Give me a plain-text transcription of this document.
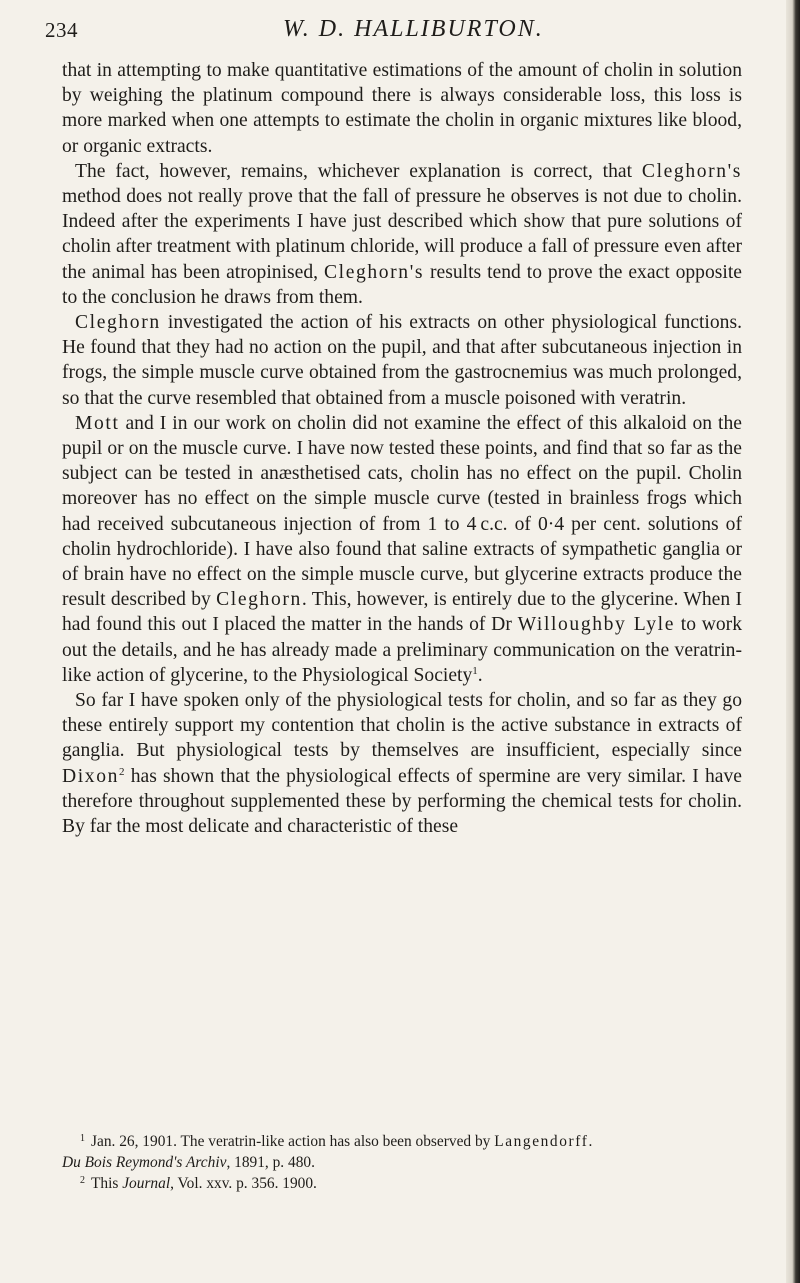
234	W. D. HALLIBURTON.

that in attempting to make quantitative estimations of the amount of cholin in solution by weighing the platinum compound there is always considerable loss, this loss is more marked when one attempts to estimate the cholin in organic mixtures like blood, or organic extracts.

The fact, however, remains, whichever explanation is correct, that Cleghorn's method does not really prove that the fall of pressure he observes is not due to cholin. Indeed after the experiments I have just described which show that pure solutions of cholin after treatment with platinum chloride, will produce a fall of pressure even after the animal has been atropinised, Cleghorn's results tend to prove the exact opposite to the conclusion he draws from them.

Cleghorn investigated the action of his extracts on other physiological functions. He found that they had no action on the pupil, and that after subcutaneous injection in frogs, the simple muscle curve obtained from the gastrocnemius was much prolonged, so that the curve resembled that obtained from a muscle poisoned with veratrin.

Mott and I in our work on cholin did not examine the effect of this alkaloid on the pupil or on the muscle curve. I have now tested these points, and find that so far as the subject can be tested in anæsthetised cats, cholin has no effect on the pupil. Cholin moreover has no effect on the simple muscle curve (tested in brainless frogs which had received subcutaneous injection of from 1 to 4 c.c. of 0·4 per cent. solutions of cholin hydrochloride). I have also found that saline extracts of sympathetic ganglia or of brain have no effect on the simple muscle curve, but glycerine extracts produce the result described by Cleghorn. This, however, is entirely due to the glycerine. When I had found this out I placed the matter in the hands of Dr Willoughby Lyle to work out the details, and he has already made a preliminary communication on the veratrin-like action of glycerine, to the Physiological Society$^1$.

So far I have spoken only of the physiological tests for cholin, and so far as they go these entirely support my contention that cholin is the active substance in extracts of ganglia. But physiological tests by themselves are insufficient, especially since Dixon$^2$ has shown that the physiological effects of spermine are very similar. I have therefore throughout supplemented these by performing the chemical tests for cholin. By far the most delicate and characteristic of these

$^1$ Jan. 26, 1901. The veratrin-like action has also been observed by Langendorff.
Du Bois Reymond's Archiv, 1891, p. 480.

$^2$ This Journal, Vol. xxv. p. 356. 1900.
